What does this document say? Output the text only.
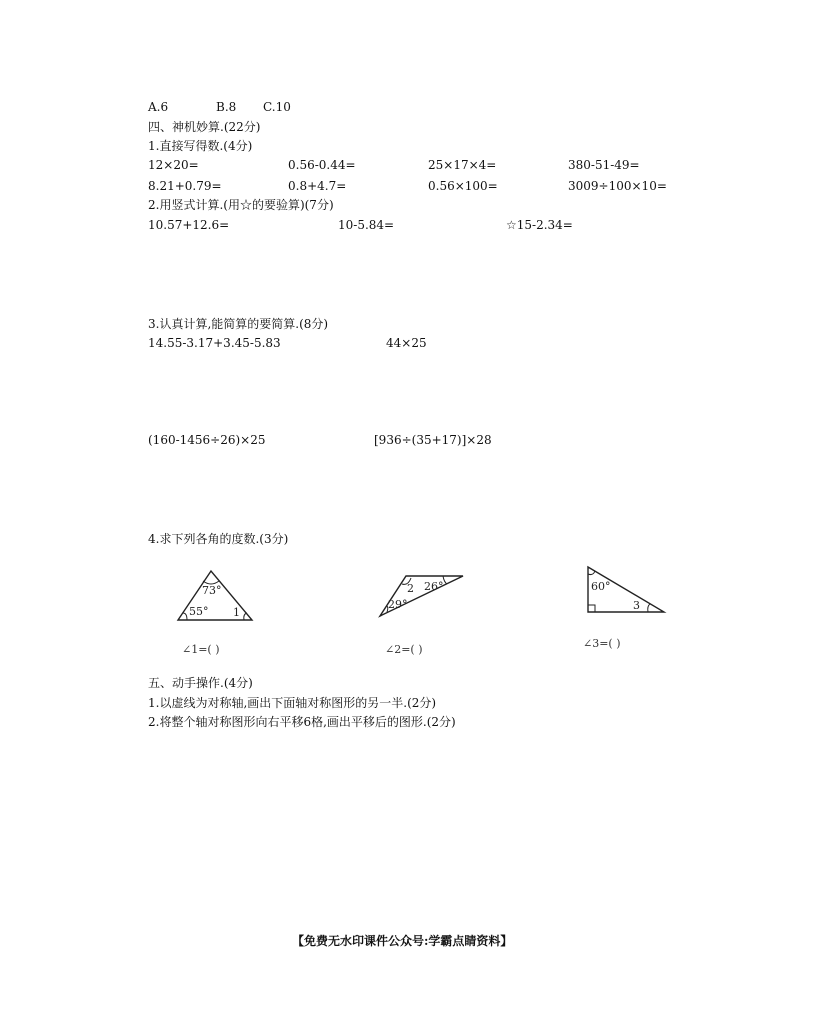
A.6	B.8 C.10
四、神机妙算.(22分)
1.直接写得数.(4分)
12×20=	0.56-0.44=	25×17×4=	380-51-49=
8.21+0.79=	0.8+4.7=	0.56×100=	3009÷100×10=
2.用竖式计算.(用☆的要验算)(7分)
10.57+12.6=	10-5.84=	☆15-2.34=
3.认真计算,能简算的要简算.(8分)
14.55-3.17+3.45-5.83	44×25
(160-1456÷26)×25	[936÷(35+17)]×28
4.求下列各角的度数.(3分)
73°
55° 1
∠1=( )
2 26°
29°
∠2=( )
60°
3
∠3=( )
五、动手操作.(4分)
1.以虚线为对称轴,画出下面轴对称图形的另一半.(2分)
2.将整个轴对称图形向右平移6格,画出平移后的图形.(2分)
【免费无水印课件公众号:学霸点睛资料】
